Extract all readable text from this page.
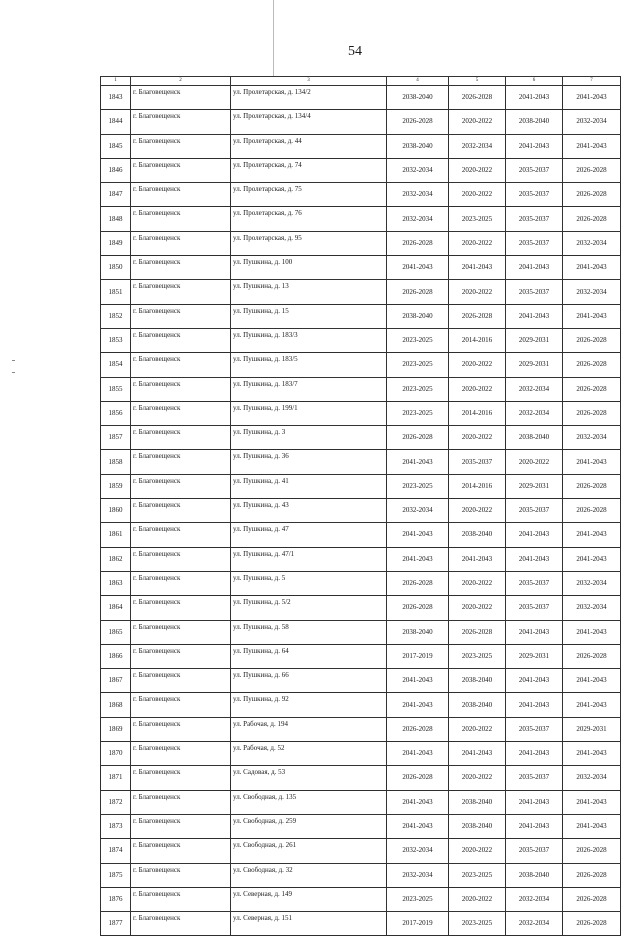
54
1	2	3	4	5	6	7
1843	г. Благовещенск	ул. Пролетарская, д. 134/2	2038-2040	2026-2028	2041-2043	2041-2043
1844	г. Благовещенск	ул. Пролетарская, д. 134/4	2026-2028	2020-2022	2038-2040	2032-2034
1845	г. Благовещенск	ул. Пролетарская, д. 44	2038-2040	2032-2034	2041-2043	2041-2043
1846	г. Благовещенск	ул. Пролетарская, д. 74	2032-2034	2020-2022	2035-2037	2026-2028
1847	г. Благовещенск	ул. Пролетарская, д. 75	2032-2034	2020-2022	2035-2037	2026-2028
1848	г. Благовещенск	ул. Пролетарская, д. 76	2032-2034	2023-2025	2035-2037	2026-2028
1849	г. Благовещенск	ул. Пролетарская, д. 95	2026-2028	2020-2022	2035-2037	2032-2034
1850	г. Благовещенск	ул. Пушкина, д. 100	2041-2043	2041-2043	2041-2043	2041-2043
1851	г. Благовещенск	ул. Пушкина, д. 13	2026-2028	2020-2022	2035-2037	2032-2034
1852	г. Благовещенск	ул. Пушкина, д. 15	2038-2040	2026-2028	2041-2043	2041-2043
1853	г. Благовещенск	ул. Пушкина, д. 183/3	2023-2025	2014-2016	2029-2031	2026-2028
1854	г. Благовещенск	ул. Пушкина, д. 183/5	2023-2025	2020-2022	2029-2031	2026-2028
1855	г. Благовещенск	ул. Пушкина, д. 183/7	2023-2025	2020-2022	2032-2034	2026-2028
1856	г. Благовещенск	ул. Пушкина, д. 199/1	2023-2025	2014-2016	2032-2034	2026-2028
1857	г. Благовещенск	ул. Пушкина, д. 3	2026-2028	2020-2022	2038-2040	2032-2034
1858	г. Благовещенск	ул. Пушкина, д. 36	2041-2043	2035-2037	2020-2022	2041-2043
1859	г. Благовещенск	ул. Пушкина, д. 41	2023-2025	2014-2016	2029-2031	2026-2028
1860	г. Благовещенск	ул. Пушкина, д. 43	2032-2034	2020-2022	2035-2037	2026-2028
1861	г. Благовещенск	ул. Пушкина, д. 47	2041-2043	2038-2040	2041-2043	2041-2043
1862	г. Благовещенск	ул. Пушкина, д. 47/1	2041-2043	2041-2043	2041-2043	2041-2043
1863	г. Благовещенск	ул. Пушкина, д. 5	2026-2028	2020-2022	2035-2037	2032-2034
1864	г. Благовещенск	ул. Пушкина, д. 5/2	2026-2028	2020-2022	2035-2037	2032-2034
1865	г. Благовещенск	ул. Пушкина, д. 58	2038-2040	2026-2028	2041-2043	2041-2043
1866	г. Благовещенск	ул. Пушкина, д. 64	2017-2019	2023-2025	2029-2031	2026-2028
1867	г. Благовещенск	ул. Пушкина, д. 66	2041-2043	2038-2040	2041-2043	2041-2043
1868	г. Благовещенск	ул. Пушкина, д. 92	2041-2043	2038-2040	2041-2043	2041-2043
1869	г. Благовещенск	ул. Рабочая, д. 194	2026-2028	2020-2022	2035-2037	2029-2031
1870	г. Благовещенск	ул. Рабочая, д. 52	2041-2043	2041-2043	2041-2043	2041-2043
1871	г. Благовещенск	ул. Садовая, д. 53	2026-2028	2020-2022	2035-2037	2032-2034
1872	г. Благовещенск	ул. Свободная, д. 135	2041-2043	2038-2040	2041-2043	2041-2043
1873	г. Благовещенск	ул. Свободная, д. 259	2041-2043	2038-2040	2041-2043	2041-2043
1874	г. Благовещенск	ул. Свободная, д. 261	2032-2034	2020-2022	2035-2037	2026-2028
1875	г. Благовещенск	ул. Свободная, д. 32	2032-2034	2023-2025	2038-2040	2026-2028
1876	г. Благовещенск	ул. Северная, д. 149	2023-2025	2020-2022	2032-2034	2026-2028
1877	г. Благовещенск	ул. Северная, д. 151	2017-2019	2023-2025	2032-2034	2026-2028
